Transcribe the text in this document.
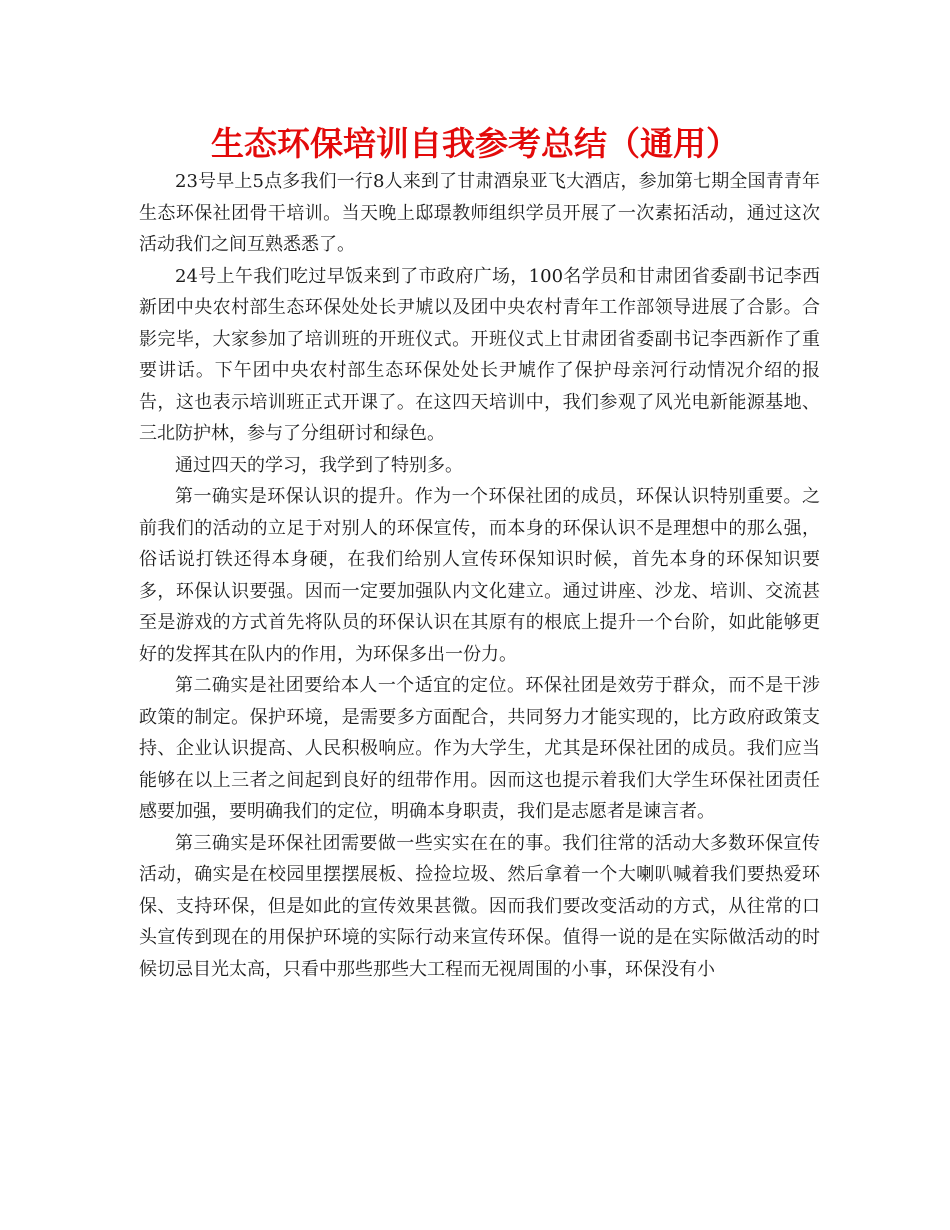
生态环保培训自我参考总结（通用）

23号早上5点多我们一行8人来到了甘肃酒泉亚飞大酒店，参加第七期全国青青年生态环保社团骨干培训。当天晚上邸璟教师组织学员开展了一次素拓活动，通过这次活动我们之间互熟悉悉了。

24号上午我们吃过早饭来到了市政府广场，100名学员和甘肃团省委副书记李西新团中央农村部生态环保处处长尹虓以及团中央农村青年工作部领导进展了合影。合影完毕，大家参加了培训班的开班仪式。开班仪式上甘肃团省委副书记李西新作了重要讲话。下午团中央农村部生态环保处处长尹虓作了保护母亲河行动情况介绍的报告，这也表示培训班正式开课了。在这四天培训中，我们参观了风光电新能源基地、三北防护林，参与了分组研讨和绿色。

通过四天的学习，我学到了特别多。

第一确实是环保认识的提升。作为一个环保社团的成员，环保认识特别重要。之前我们的活动的立足于对别人的环保宣传，而本身的环保认识不是理想中的那么强，俗话说打铁还得本身硬，在我们给别人宣传环保知识时候，首先本身的环保知识要多，环保认识要强。因而一定要加强队内文化建立。通过讲座、沙龙、培训、交流甚至是游戏的方式首先将队员的环保认识在其原有的根底上提升一个台阶，如此能够更好的发挥其在队内的作用，为环保多出一份力。

第二确实是社团要给本人一个适宜的定位。环保社团是效劳于群众，而不是干涉政策的制定。保护环境，是需要多方面配合，共同努力才能实现的，比方政府政策支持、企业认识提高、人民积极响应。作为大学生，尤其是环保社团的成员。我们应当能够在以上三者之间起到良好的纽带作用。因而这也提示着我们大学生环保社团责任感要加强，要明确我们的定位，明确本身职责，我们是志愿者是谏言者。

第三确实是环保社团需要做一些实实在在的事。我们往常的活动大多数环保宣传活动，确实是在校园里摆摆展板、捡捡垃圾、然后拿着一个大喇叭喊着我们要热爱环保、支持环保，但是如此的宣传效果甚微。因而我们要改变活动的方式，从往常的口头宣传到现在的用保护环境的实际行动来宣传环保。值得一说的是在实际做活动的时候切忌目光太高，只看中那些那些大工程而无视周围的小事，环保没有小
